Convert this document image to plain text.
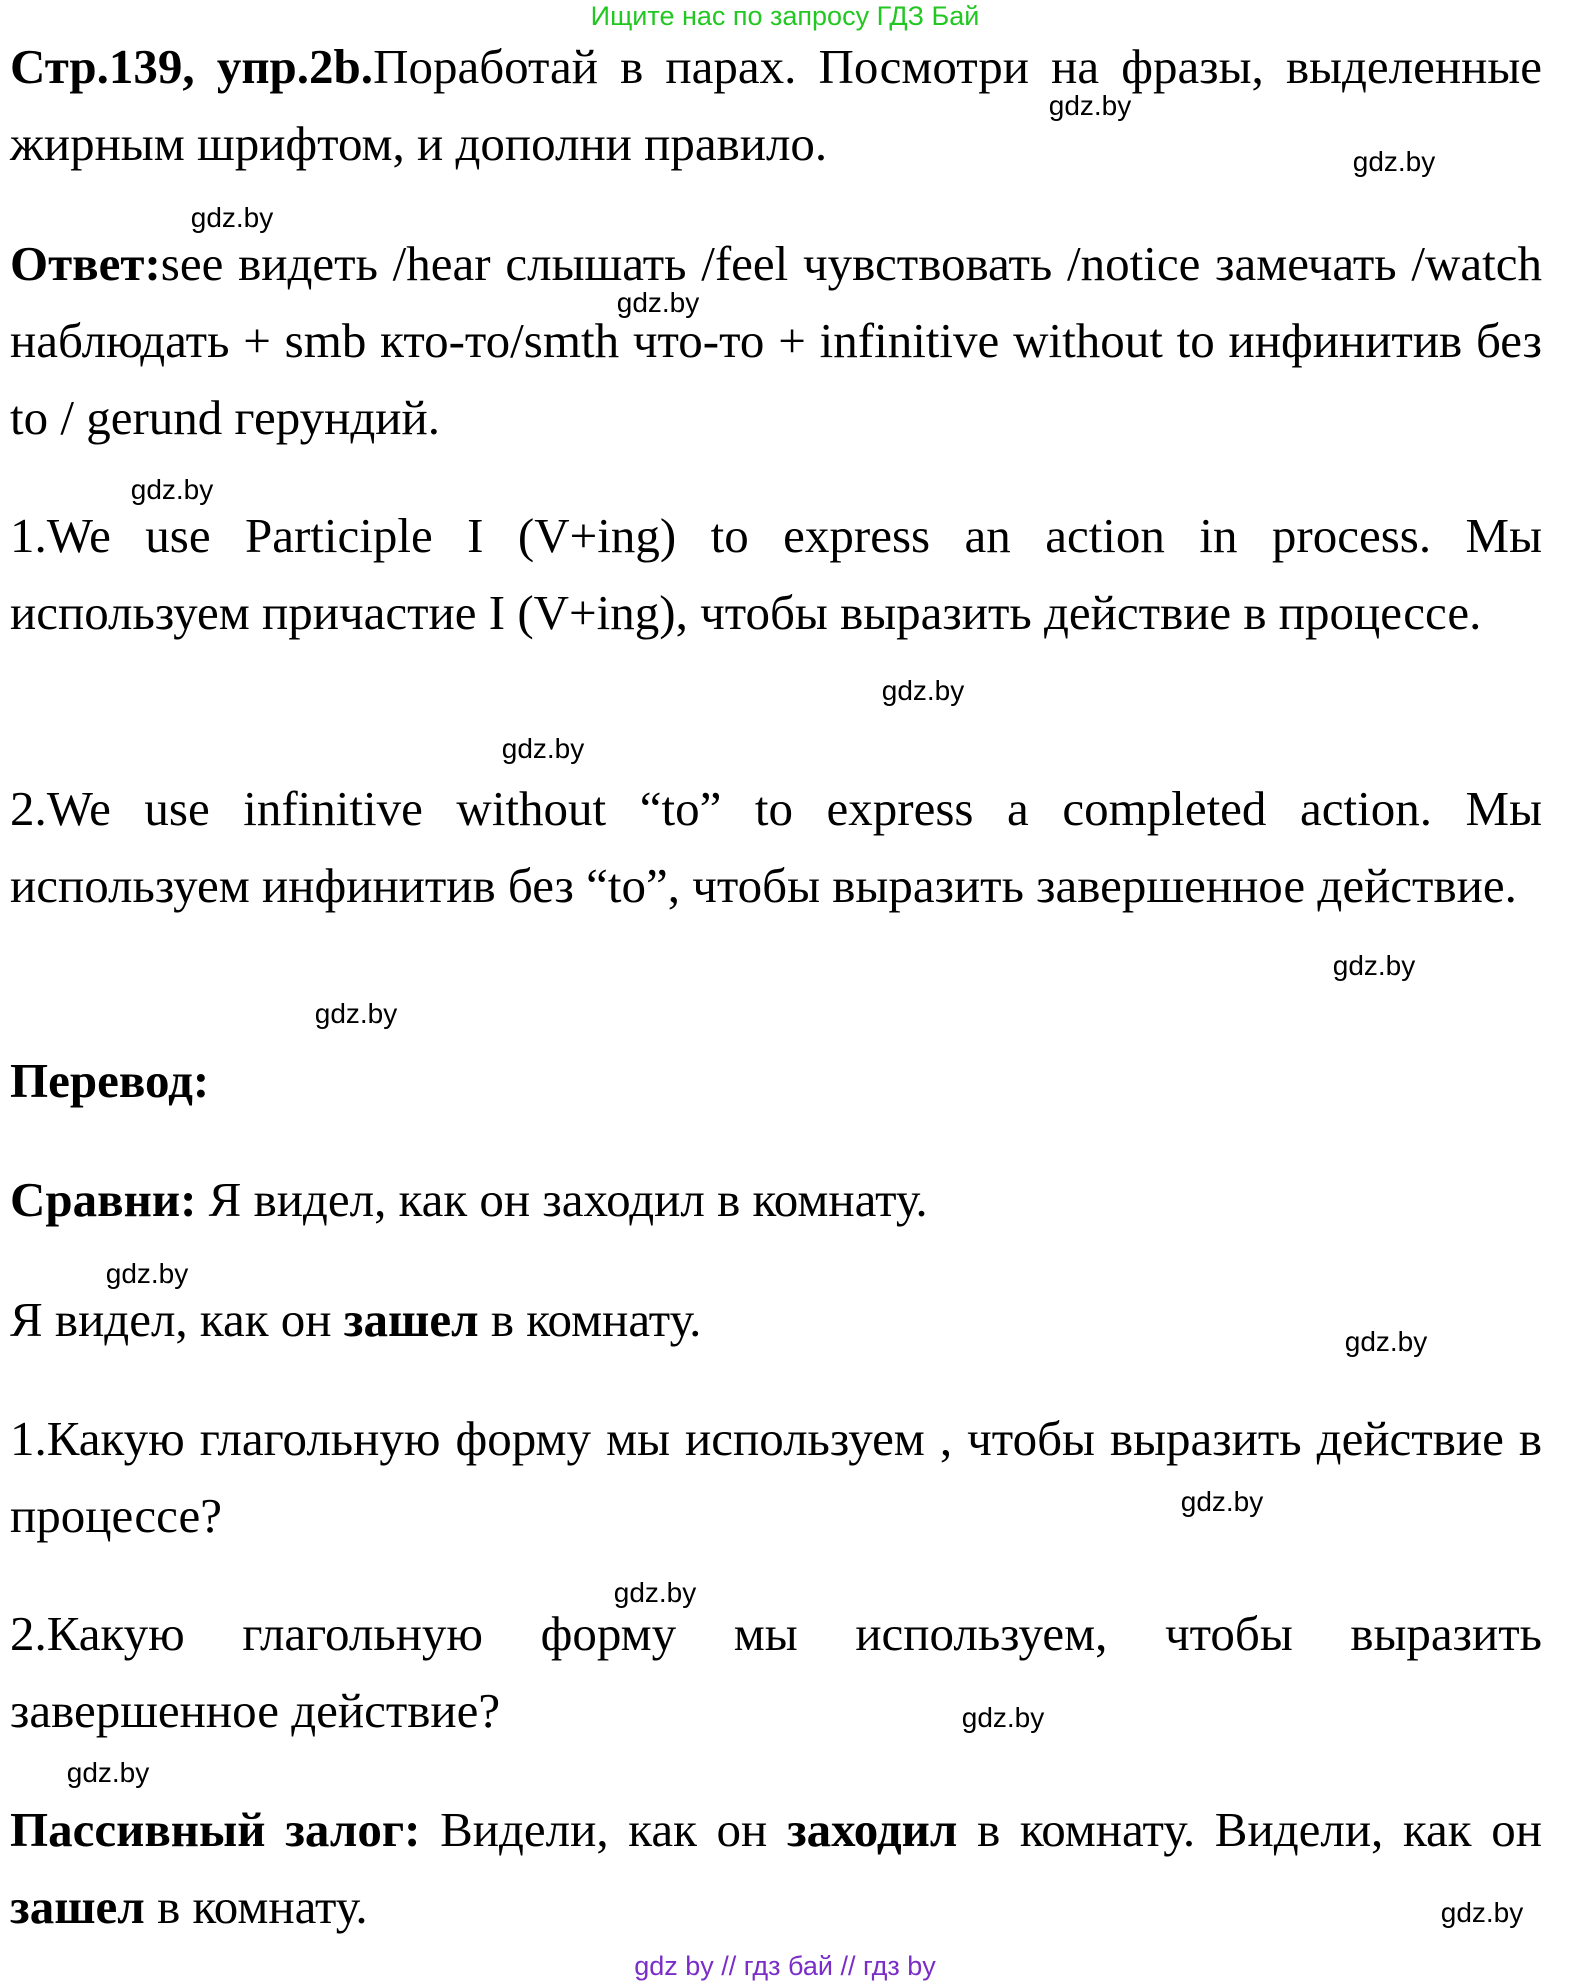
Ищите нас по запросу ГДЗ Бай
Стр.139, упр.2b.Поработай в парах. Посмотри на фразы, выделенные жирным шрифтом, и дополни правило.
Ответ:see видеть /hear слышать /feel чувствовать /notice замечать /watch наблюдать + smb кто-то/smth что-то + infinitive without to инфинитив без to / gerund герундий.
1.We use Participle I (V+ing) to express an action in process. Мы используем причастие I (V+ing), чтобы выразить действие в процессе.
2.We use infinitive without “to” to express a completed action. Мы используем инфинитив без “to”, чтобы выразить завершенное действие.
Перевод:
Сравни: Я видел, как он заходил в комнату.
Я видел, как он зашел в комнату.
1.Какую глагольную форму мы используем , чтобы выразить действие в процессе?
2.Какую глагольную форму мы используем, чтобы выразить завершенное действие?
Пассивный залог: Видели, как он заходил в комнату. Видели, как он зашел в комнату.
gdz.by
gdz.by
gdz.by
gdz.by
gdz.by
gdz.by
gdz.by
gdz.by
gdz.by
gdz.by
gdz.by
gdz.by
gdz.by
gdz.by
gdz.by
gdz.by
gdz by // гдз бай // гдз by
